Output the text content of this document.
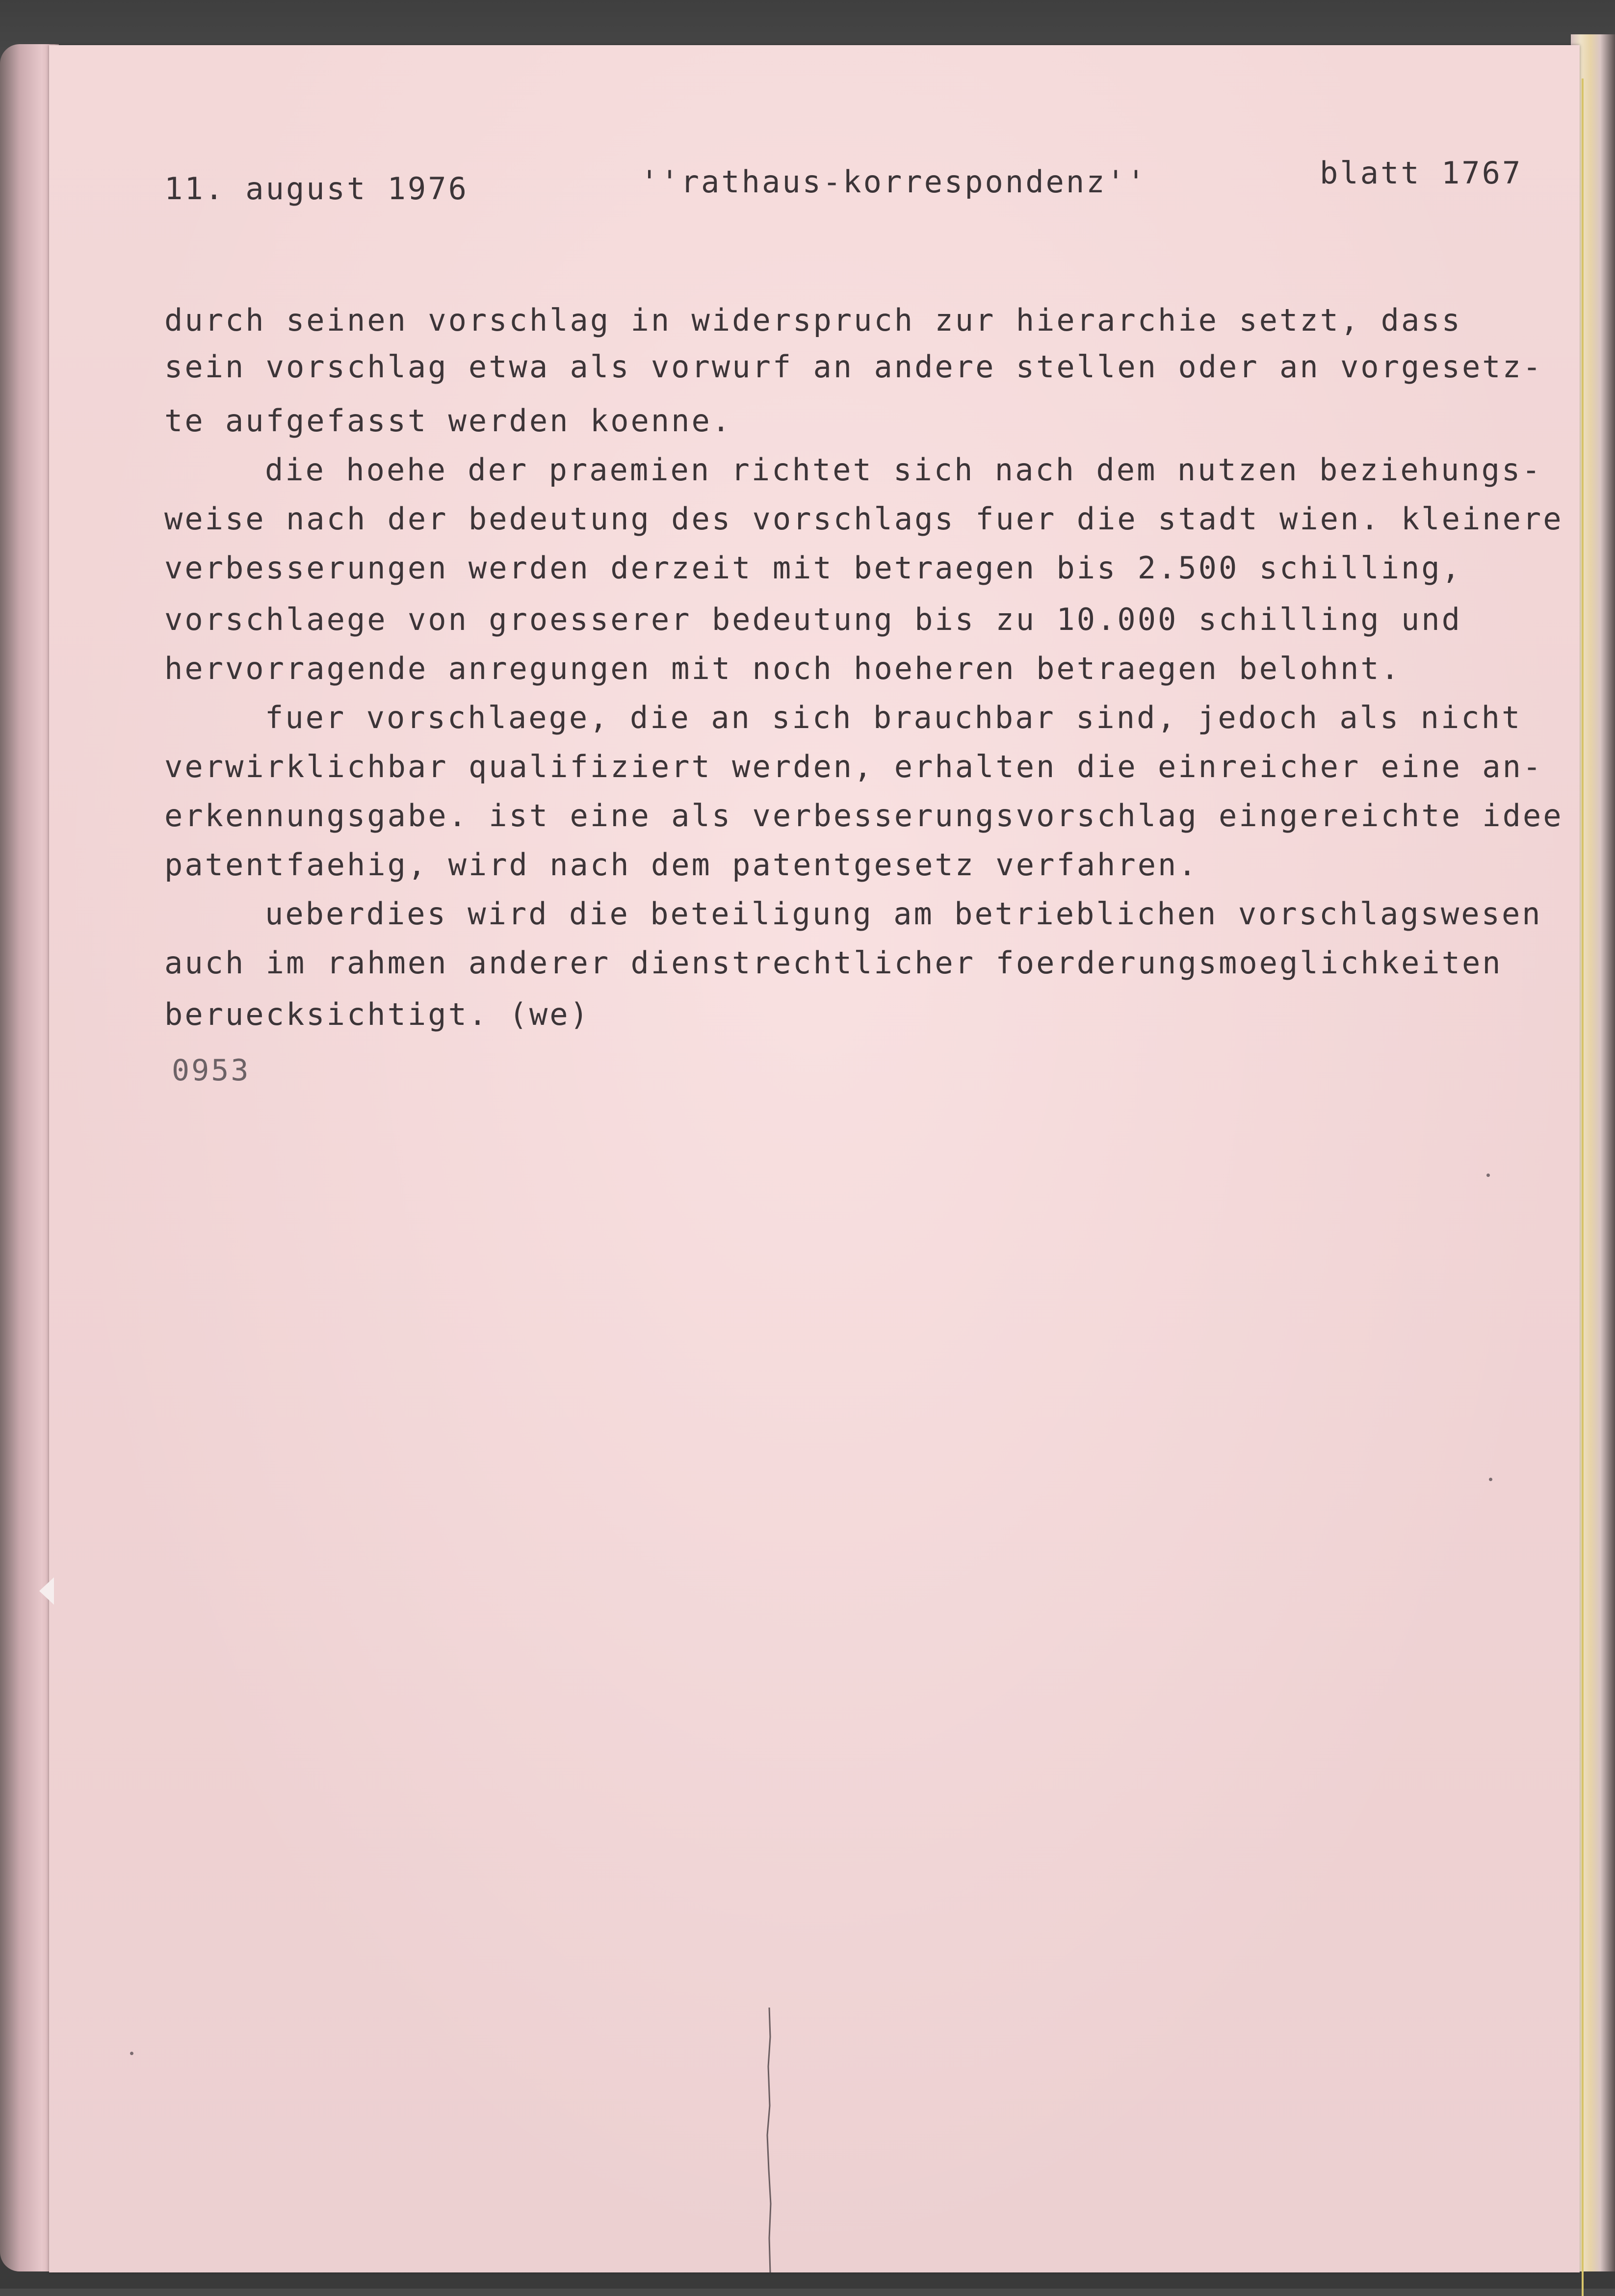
11. august 1976	''rathaus-korrespondenz''	blatt 1767

durch seinen vorschlag in widerspruch zur hierarchie setzt, dass

sein vorschlag etwa als vorwurf an andere stellen oder an vorgesetz-

te aufgefasst werden koenne.

die hoehe der praemien richtet sich nach dem nutzen beziehungs-

weise nach der bedeutung des vorschlags fuer die stadt wien. kleinere

verbesserungen werden derzeit mit betraegen bis 2.500 schilling,

vorschlaege von groesserer bedeutung bis zu 10.000 schilling und

hervorragende anregungen mit noch hoeheren betraegen belohnt.

fuer vorschlaege, die an sich brauchbar sind, jedoch als nicht

verwirklichbar qualifiziert werden, erhalten die einreicher eine an-

erkennungsgabe. ist eine als verbesserungsvorschlag eingereichte idee

patentfaehig, wird nach dem patentgesetz verfahren.

ueberdies wird die beteiligung am betrieblichen vorschlagswesen

auch im rahmen anderer dienstrechtlicher foerderungsmoeglichkeiten

beruecksichtigt. (we)

0953
